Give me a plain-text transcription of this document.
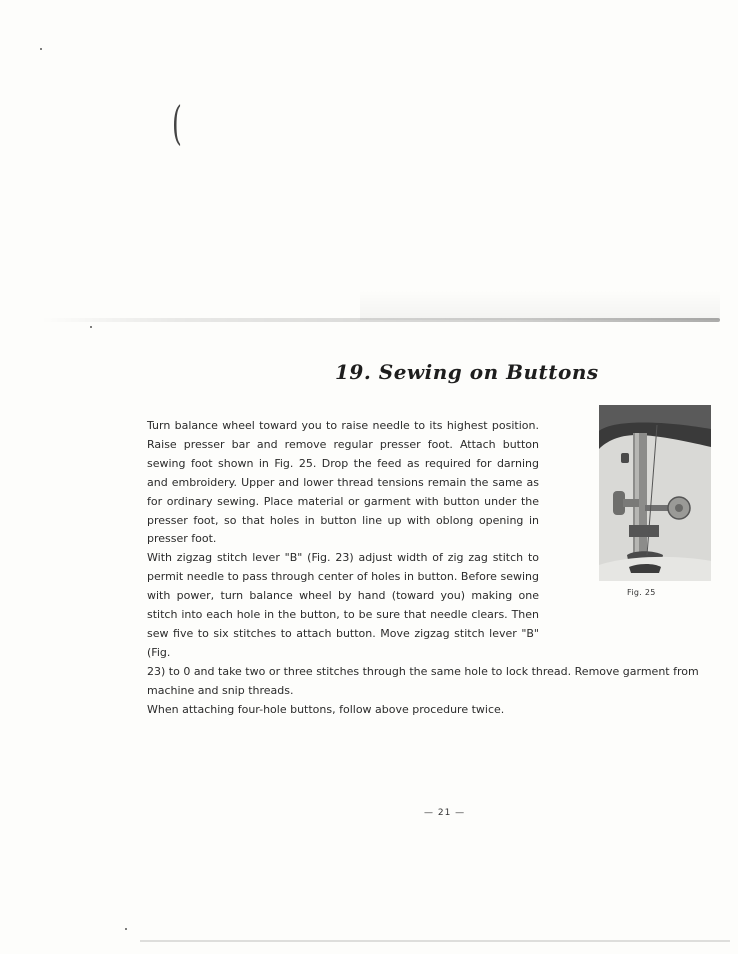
(
19. Sewing on Buttons

Turn balance wheel toward you to raise needle to its highest position. Raise presser bar and remove regular presser foot. Attach button sewing foot shown in Fig. 25. Drop the feed as required for darning and embroidery. Upper and lower thread tensions remain the same as for ordinary sewing. Place material or garment with button under the presser foot, so that holes in button line up with oblong opening in presser foot.

With zigzag stitch lever "B" (Fig. 23) adjust width of zig zag stitch to permit needle to pass through center of holes in button. Before sewing with power, turn balance wheel by hand (toward you) making one stitch into each hole in the button, to be sure that needle clears. Then sew five to six stitches to attach button. Move zigzag stitch lever "B" (Fig.

23) to 0 and take two or three stitches through the same hole to lock thread. Remove garment from

machine and snip threads.

When attaching four-hole buttons, follow above procedure twice.

Fig. 25
— 21 —
